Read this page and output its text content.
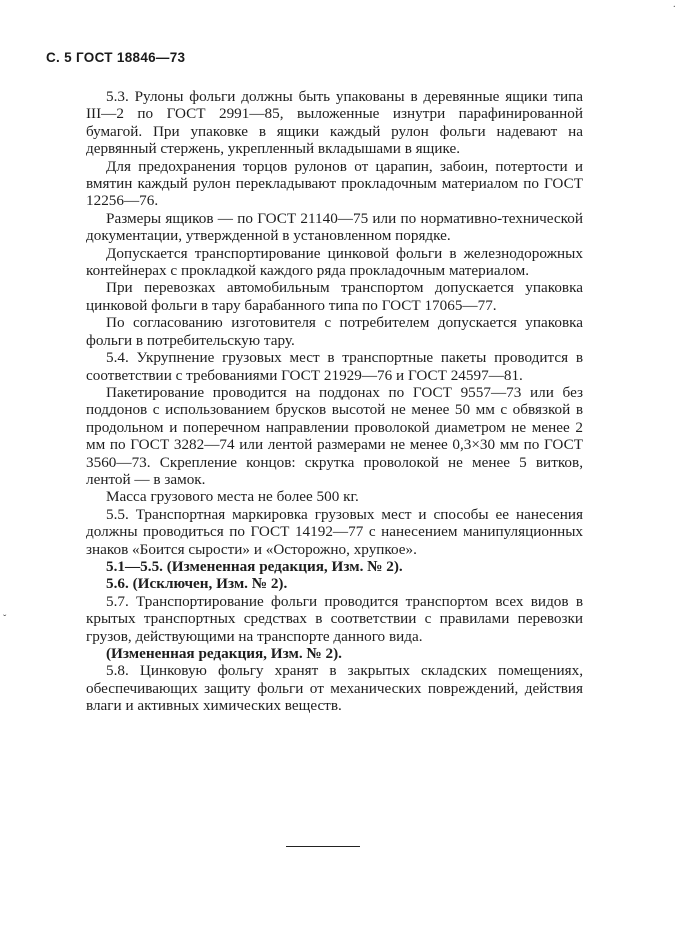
·
С. 5 ГОСТ 18846—73

5.3. Рулоны фольги должны быть упакованы в деревянные ящики типа III—2 по ГОСТ 2991—85, выложенные изнутри парафинированной бумагой. При упаковке в ящики каждый рулон фольги надевают на дервянный стержень, укрепленный вкладышами в ящике.

Для предохранения торцов рулонов от царапин, забоин, потертости и вмятин каждый рулон перекладывают прокладочным материалом по ГОСТ 12256—76.

Размеры ящиков — по ГОСТ 21140—75 или по нормативно-технической документации, утвержденной в установленном порядке.

Допускается транспортирование цинковой фольги в железнодорожных контейнерах с прокладкой каждого ряда прокладочным материалом.

При перевозках автомобильным транспортом допускается упаковка цинковой фольги в тару барабанного типа по ГОСТ 17065—77.

По согласованию изготовителя с потребителем допускается упаковка фольги в потребительскую тару.

5.4. Укрупнение грузовых мест в транспортные пакеты проводится в соответствии с требованиями ГОСТ 21929—76 и ГОСТ 24597—81.

Пакетирование проводится на поддонах по ГОСТ 9557—73 или без поддонов с использованием брусков высотой не менее 50 мм с обвязкой в продольном и поперечном направлении проволокой диаметром не менее 2 мм по ГОСТ 3282—74 или лентой размерами не менее 0,3×30 мм по ГОСТ 3560—73. Скрепление концов: скрутка проволокой не менее 5 витков, лентой — в замок.

Масса грузового места не более 500 кг.

5.5. Транспортная маркировка грузовых мест и способы ее нанесения должны проводиться по ГОСТ 14192—77 с нанесением манипуляционных знаков «Боится сырости» и «Осторожно, хрупкое».

5.1—5.5. (Измененная редакция, Изм. № 2).

5.6. (Исключен, Изм. № 2).

5.7. Транспортирование фольги проводится транспортом всех видов в крытых транспортных средствах в соответствии с правилами перевозки грузов, действующими на транспорте данного вида.

(Измененная редакция, Изм. № 2).

5.8. Цинковую фольгу хранят в закрытых складских помещениях, обеспечивающих защиту фольги от механических повреждений, действия влаги и активных химических веществ.

ˇ
